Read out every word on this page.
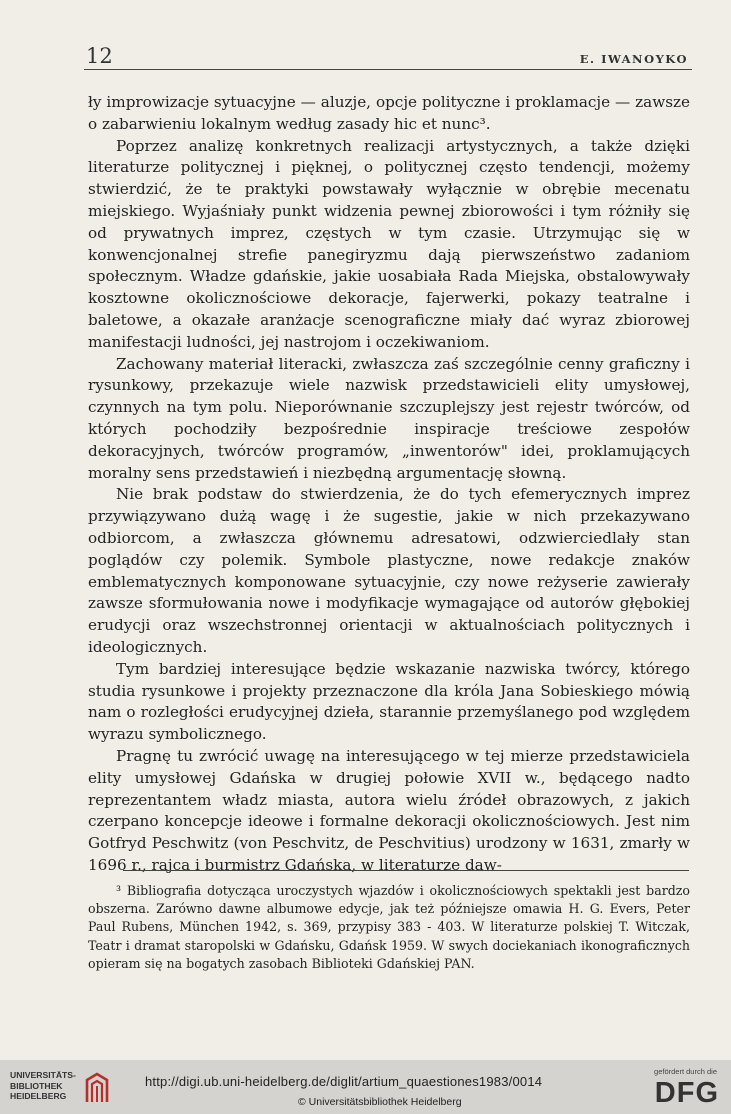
12	E. IWANOYKO

ły improwizacje sytuacyjne — aluzje, opcje polityczne i proklamacje — zawsze o zabarwieniu lokalnym według zasady hic et nunc³.

Poprzez analizę konkretnych realizacji artystycznych, a także dzięki literaturze politycznej i pięknej, o politycznej często tendencji, możemy stwierdzić, że te praktyki powstawały wyłącznie w obrębie mecenatu miejskiego. Wyjaśniały punkt widzenia pewnej zbiorowości i tym różniły się od prywatnych imprez, częstych w tym czasie. Utrzymując się w konwencjonalnej strefie panegiryzmu dają pierwszeństwo zadaniom społecznym. Władze gdańskie, jakie uosabiała Rada Miejska, obstalowywały kosztowne okolicznościowe dekoracje, fajerwerki, pokazy teatralne i baletowe, a okazałe aranżacje scenograficzne miały dać wyraz zbiorowej manifestacji ludności, jej nastrojom i oczekiwaniom.

Zachowany materiał literacki, zwłaszcza zaś szczególnie cenny graficzny i rysunkowy, przekazuje wiele nazwisk przedstawicieli elity umysłowej, czynnych na tym polu. Nieporównanie szczuplejszy jest rejestr twórców, od których pochodziły bezpośrednie inspiracje treściowe zespołów dekoracyjnych, twórców programów, „inwentorów" idei, proklamujących moralny sens przedstawień i niezbędną argumentację słowną.

Nie brak podstaw do stwierdzenia, że do tych efemerycznych imprez przywiązywano dużą wagę i że sugestie, jakie w nich przekazywano odbiorcom, a zwłaszcza głównemu adresatowi, odzwierciedlały stan poglądów czy polemik. Symbole plastyczne, nowe redakcje znaków emblematycznych komponowane sytuacyjnie, czy nowe reżyserie zawierały zawsze sformułowania nowe i modyfikacje wymagające od autorów głębokiej erudycji oraz wszechstronnej orientacji w aktualnościach politycznych i ideologicznych.

Tym bardziej interesujące będzie wskazanie nazwiska twórcy, którego studia rysunkowe i projekty przeznaczone dla króla Jana Sobieskiego mówią nam o rozległości erudycyjnej dzieła, starannie przemyślanego pod względem wyrazu symbolicznego.

Pragnę tu zwrócić uwagę na interesującego w tej mierze przedstawiciela elity umysłowej Gdańska w drugiej połowie XVII w., będącego nadto reprezentantem władz miasta, autora wielu źródeł obrazowych, z jakich czerpano koncepcje ideowe i formalne dekoracji okolicznościowych. Jest nim Gotfryd Peschwitz (von Peschvitz, de Peschvitius) urodzony w 1631, zmarły w 1696 r., rajca i burmistrz Gdańska, w literaturze daw-

³ Bibliografia dotycząca uroczystych wjazdów i okolicznościowych spektakli jest bardzo obszerna. Zarówno dawne albumowe edycje, jak też późniejsze omawia H. G. Evers, Peter Paul Rubens, München 1942, s. 369, przypisy 383 - 403. W literaturze polskiej T. Witczak, Teatr i dramat staropolski w Gdańsku, Gdańsk 1959. W swych dociekaniach ikonograficznych opieram się na bogatych zasobach Biblioteki Gdańskiej PAN.

UNIVERSITÄTS-
BIBLIOTHEK
HEIDELBERG
http://digi.ub.uni-heidelberg.de/diglit/artium_quaestiones1983/0014
© Universitätsbibliothek Heidelberg
gefördert durch die
DFG
